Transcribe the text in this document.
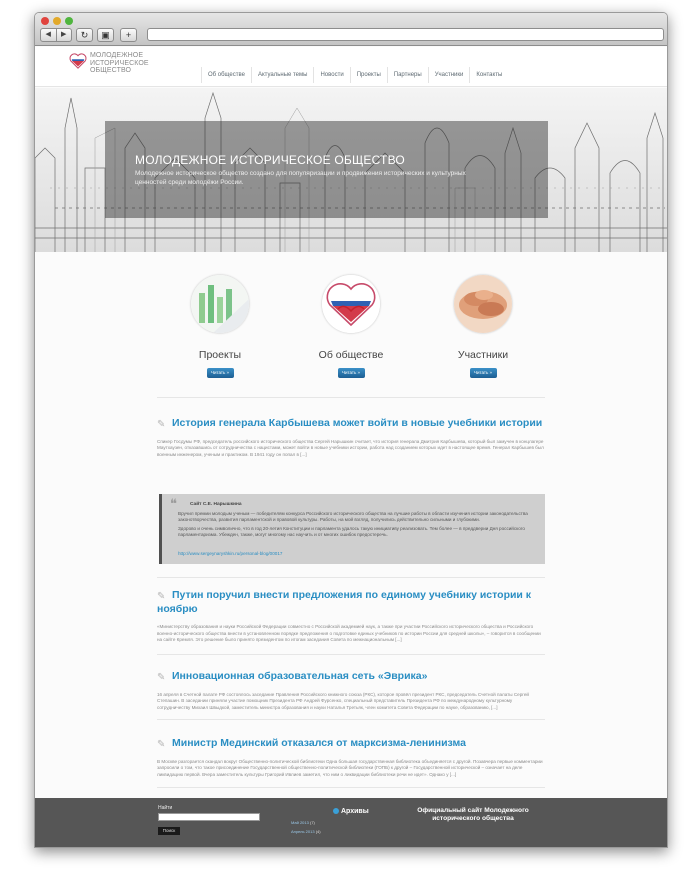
◀	▶	↻	▣	+
МОЛОДЕЖНОЕ
ИСТОРИЧЕСКОЕ
ОБЩЕСТВО
Об обществе	Актуальные темы	Новости	Проекты	Партнеры	Участники	Контакты
МОЛОДЕЖНОЕ ИСТОРИЧЕСКОЕ ОБЩЕСТВО
Молодежное историческое общество создано для популяризации и продвижения исторических и культурных ценностей среди молодёжи России.
Проекты
Читать »
Об обществе
Читать »
Участники
Читать »
✎ История генерала Карбышева может войти в новые учебники истории
Спикер Госдумы РФ, председатель российского исторического общества Сергей Нарышкин считает, что история генерала Дмитрия Карбышева, который был замучен в концлагере Маутхаузен, отказавшись от сотрудничества с нацистами, может войти в новые учебники истории, работа над созданием которых идет в настоящее время. Генерал Карбышев был военным инженером, ученым и практиком. В 1941 году он попал в [...]
❝	Сайт С.Е. Нарышкина

Вручил премии молодым ученым — победителям конкурса Российского исторического общества на лучшие работы в области изучения истории законодательства законотворчества, развития парламентской и правовой культуры. Работы, на мой взгляд, получились действительно сильными и глубокими.

Здорово и очень символично, что в год 20-летия Конституции и парламента удалось такую инициативу реализовать. Тем более — в преддверии Дня российского парламентаризма. Убежден, также, могут многому нас научить и от многих ошибок предостеречь.

http://www.sergeynaryshkin.ru/personal-blog/00017
✎ Путин поручил внести предложения по единому учебнику истории к ноябрю
«Министерству образования и науки Российской Федерации совместно с Российской академией наук, а также при участии Российского исторического общества и Российского военно-исторического общества внести в установленном порядке предложения о подготовке единых учебников по истории России для средней школы», – говорится в сообщении на сайте Кремля. Это решение было принято президентом по итогам заседания Совета по межнациональным [...]
✎ Инновационная образовательная сеть «Эврика»
16 апреля в Счетной палате РФ состоялось заседание Правления Российского книжного союза (РКС), которое провёл президент РКС, председатель Счетной палаты Сергей Степашин. В заседании приняли участие помощник Президента РФ Андрей Фурсенко, специальный представитель Президента РФ по международному культурному сотрудничеству Михаил Швыдкой, заместитель министра образования и науки Наталья Третьяк, член комитета Совета Федерации по науке, образованию, [...]
✎ Министр Мединский отказался от марксизма-ленинизма
В Москве разгорается скандал вокруг Общественно-политической библиотеки Одна большая государственная библиотека объединяется с другой. Позавчера первые комментарии запросили о том, что такое присоединение Государственной общественно-политической библиотеки (ГОПБ) к другой – Государственной исторической – означает на деле ликвидацию первой. Вчера заместитель культуры Григорий Ивлиев заметил, что ним о ликвидации библиотеки речи не идет». Однако у [...]
Найти
Поиск
Архивы
Май 2013 (7)
Апрель 2013 (4)
Официальный сайт Молодежного исторического общества
